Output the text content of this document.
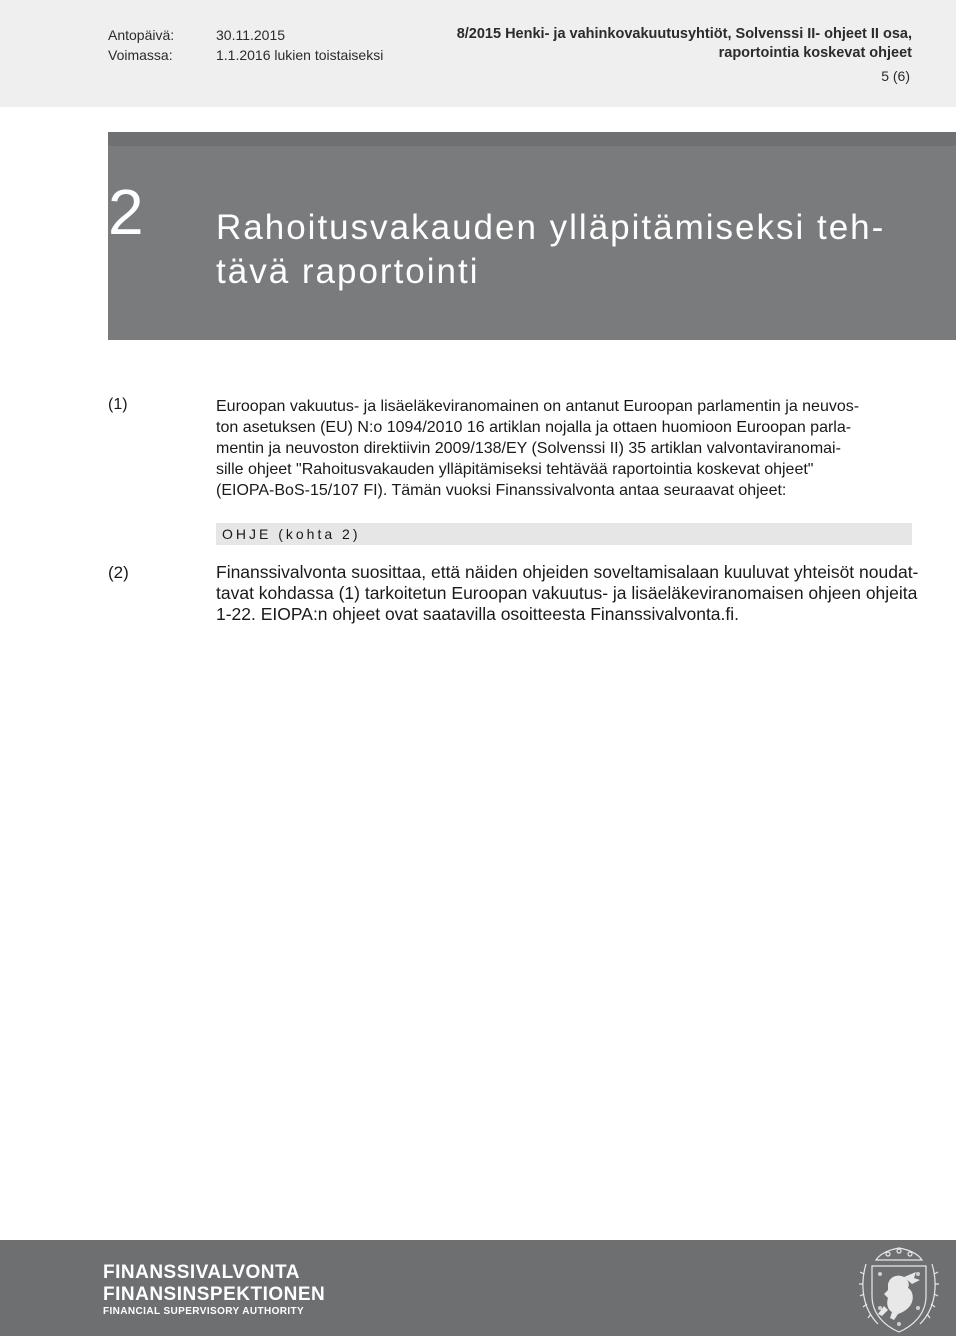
Antopäivä:	30.11.2015
Voimassa:	1.1.2016 lukien toistaiseksi
8/2015 Henki- ja vahinkovakuutusyhtiöt, Solvenssi II- ohjeet II osa,
raportointia koskevat ohjeet
5 (6)
2 Rahoitusvakauden ylläpitämiseksi teh-
tävä raportointi
(1)	Euroopan vakuutus- ja lisäeläkeviranomainen on antanut Euroopan parlamentin ja neuvos-
ton asetuksen (EU) N:o 1094/2010 16 artiklan nojalla ja ottaen huomioon Euroopan parla-
mentin ja neuvoston direktiivin 2009/138/EY (Solvenssi II) 35 artiklan valvontaviranomai-
sille ohjeet "Rahoitusvakauden ylläpitämiseksi tehtävää raportointia koskevat ohjeet"
(EIOPA-BoS-15/107 FI). Tämän vuoksi Finanssivalvonta antaa seuraavat ohjeet:
OHJE (kohta 2)
(2)	Finanssivalvonta suosittaa, että näiden ohjeiden soveltamisalaan kuuluvat yhteisöt noudat-
tavat kohdassa (1) tarkoitetun Euroopan vakuutus- ja lisäeläkeviranomaisen ohjeen ohjeita
1-22. EIOPA:n ohjeet ovat saatavilla osoitteesta Finanssivalvonta.fi.
FINANSSIVALVONTA
FINANSINSPEKTIONEN
FINANCIAL SUPERVISORY AUTHORITY
